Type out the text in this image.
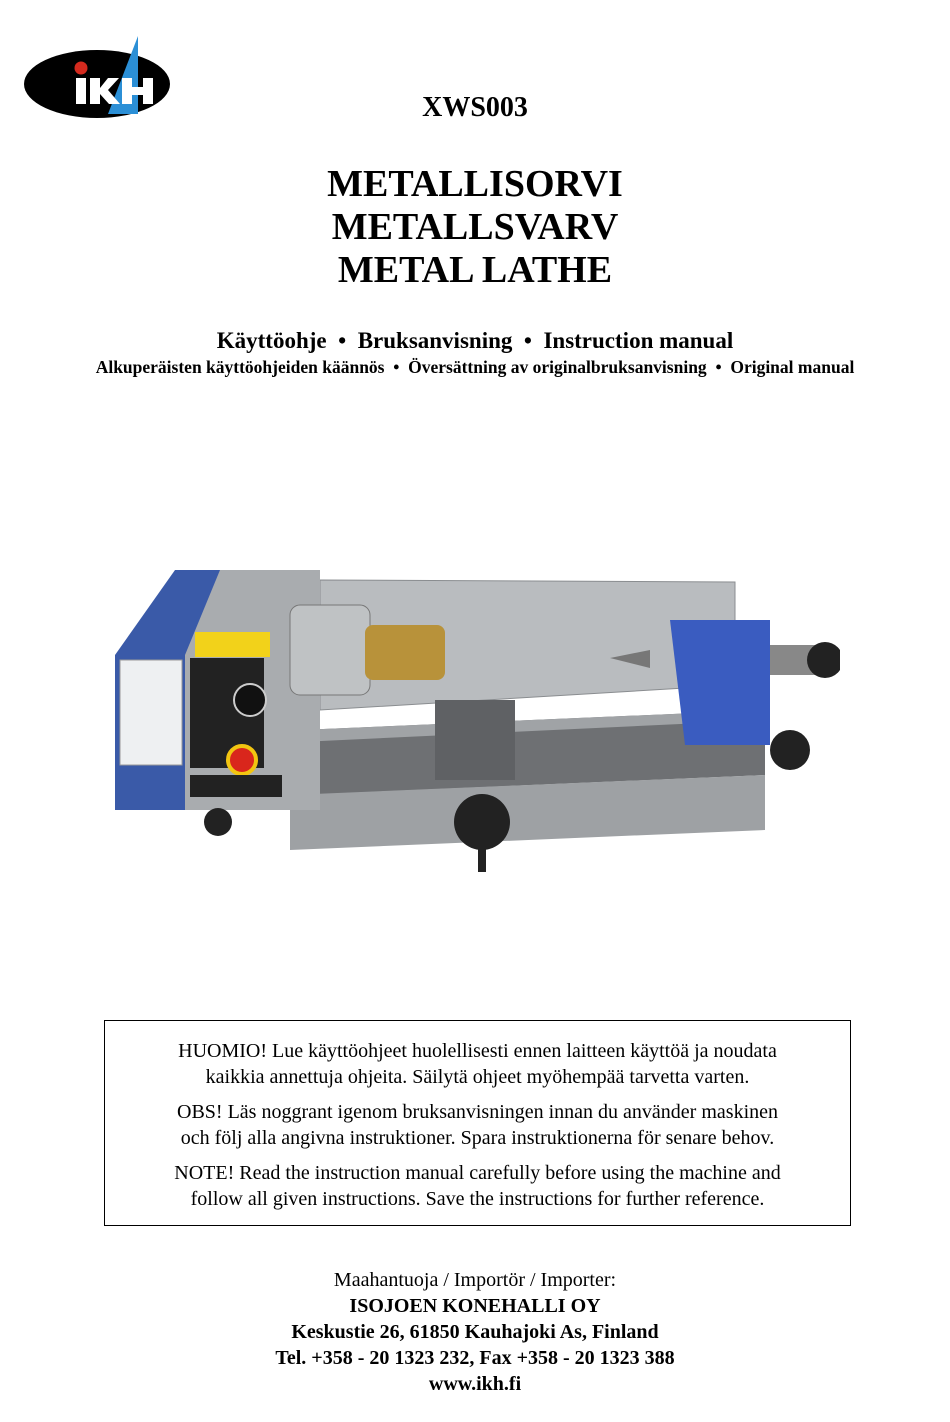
XWS003
METALLISORVI
METALLSVARV
METAL LATHE
Käyttöohje • Bruksanvisning • Instruction manual
Alkuperäisten käyttöohjeiden käännös • Översättning av originalbruksanvisning • Original manual

HUOMIO! Lue käyttöohjeet huolellisesti ennen laitteen käyttöä ja noudata
kaikkia annettuja ohjeita. Säilytä ohjeet myöhempää tarvetta varten.

OBS! Läs noggrant igenom bruksanvisningen innan du använder maskinen
och följ alla angivna instruktioner. Spara instruktionerna för senare behov.

NOTE! Read the instruction manual carefully before using the machine and
follow all given instructions. Save the instructions for further reference.

Maahantuoja / Importör / Importer:
ISOJOEN KONEHALLI OY
Keskustie 26, 61850 Kauhajoki As, Finland
Tel. +358 - 20 1323 232, Fax +358 - 20 1323 388
www.ikh.fi
